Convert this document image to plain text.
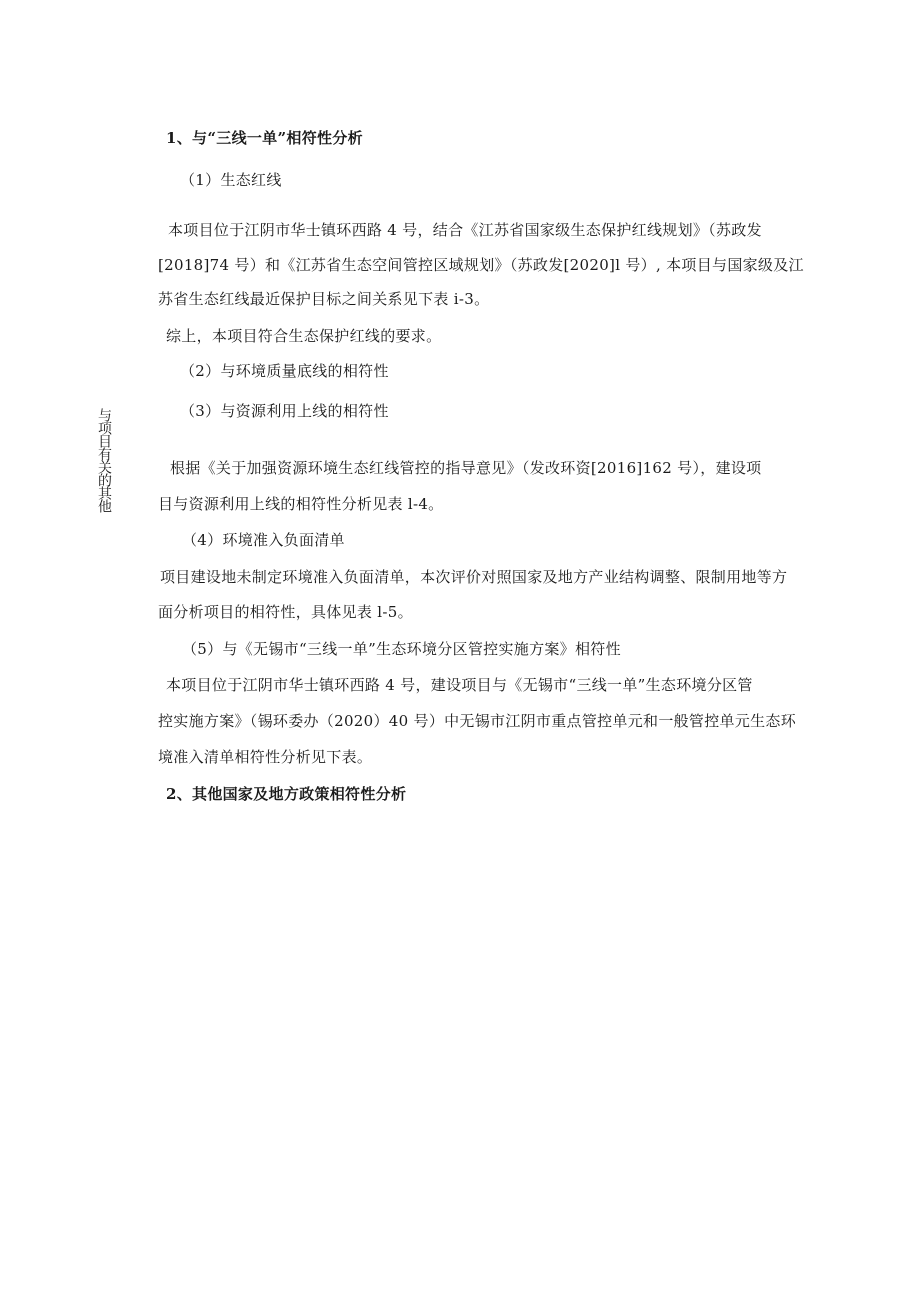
与项目有关的其他
1、与“三线一单”相符性分析
（1）生态红线
本项目位于江阴市华士镇环西路 4 号，结合《江苏省国家级生态保护红线规划》（苏政发
[2018]74 号）和《江苏省生态空间管控区域规划》（苏政发[2020]l 号）, 本项目与国家级及江
苏省生态红线最近保护目标之间关系见下表 i-3。
综上，本项目符合生态保护红线的要求。
（2）与环境质量底线的相符性
（3）与资源利用上线的相符性
根据《关于加强资源环境生态红线管控的指导意见》（发改环资[2016]162 号），建设项
目与资源利用上线的相符性分析见表 l-4。
（4）环境准入负面清单
项目建设地未制定环境准入负面清单，本次评价对照国家及地方产业结构调整、限制用地等方
面分析项目的相符性，具体见表 l-5。
（5）与《无锡市“三线一单”生态环境分区管控实施方案》相符性
本项目位于江阴市华士镇环西路 4 号，建设项目与《无锡市“三线一单”生态环境分区管
控实施方案》（锡环委办（2020）40 号）中无锡市江阴市重点管控单元和一般管控单元生态环
境准入清单相符性分析见下表。
2、其他国家及地方政策相符性分析
